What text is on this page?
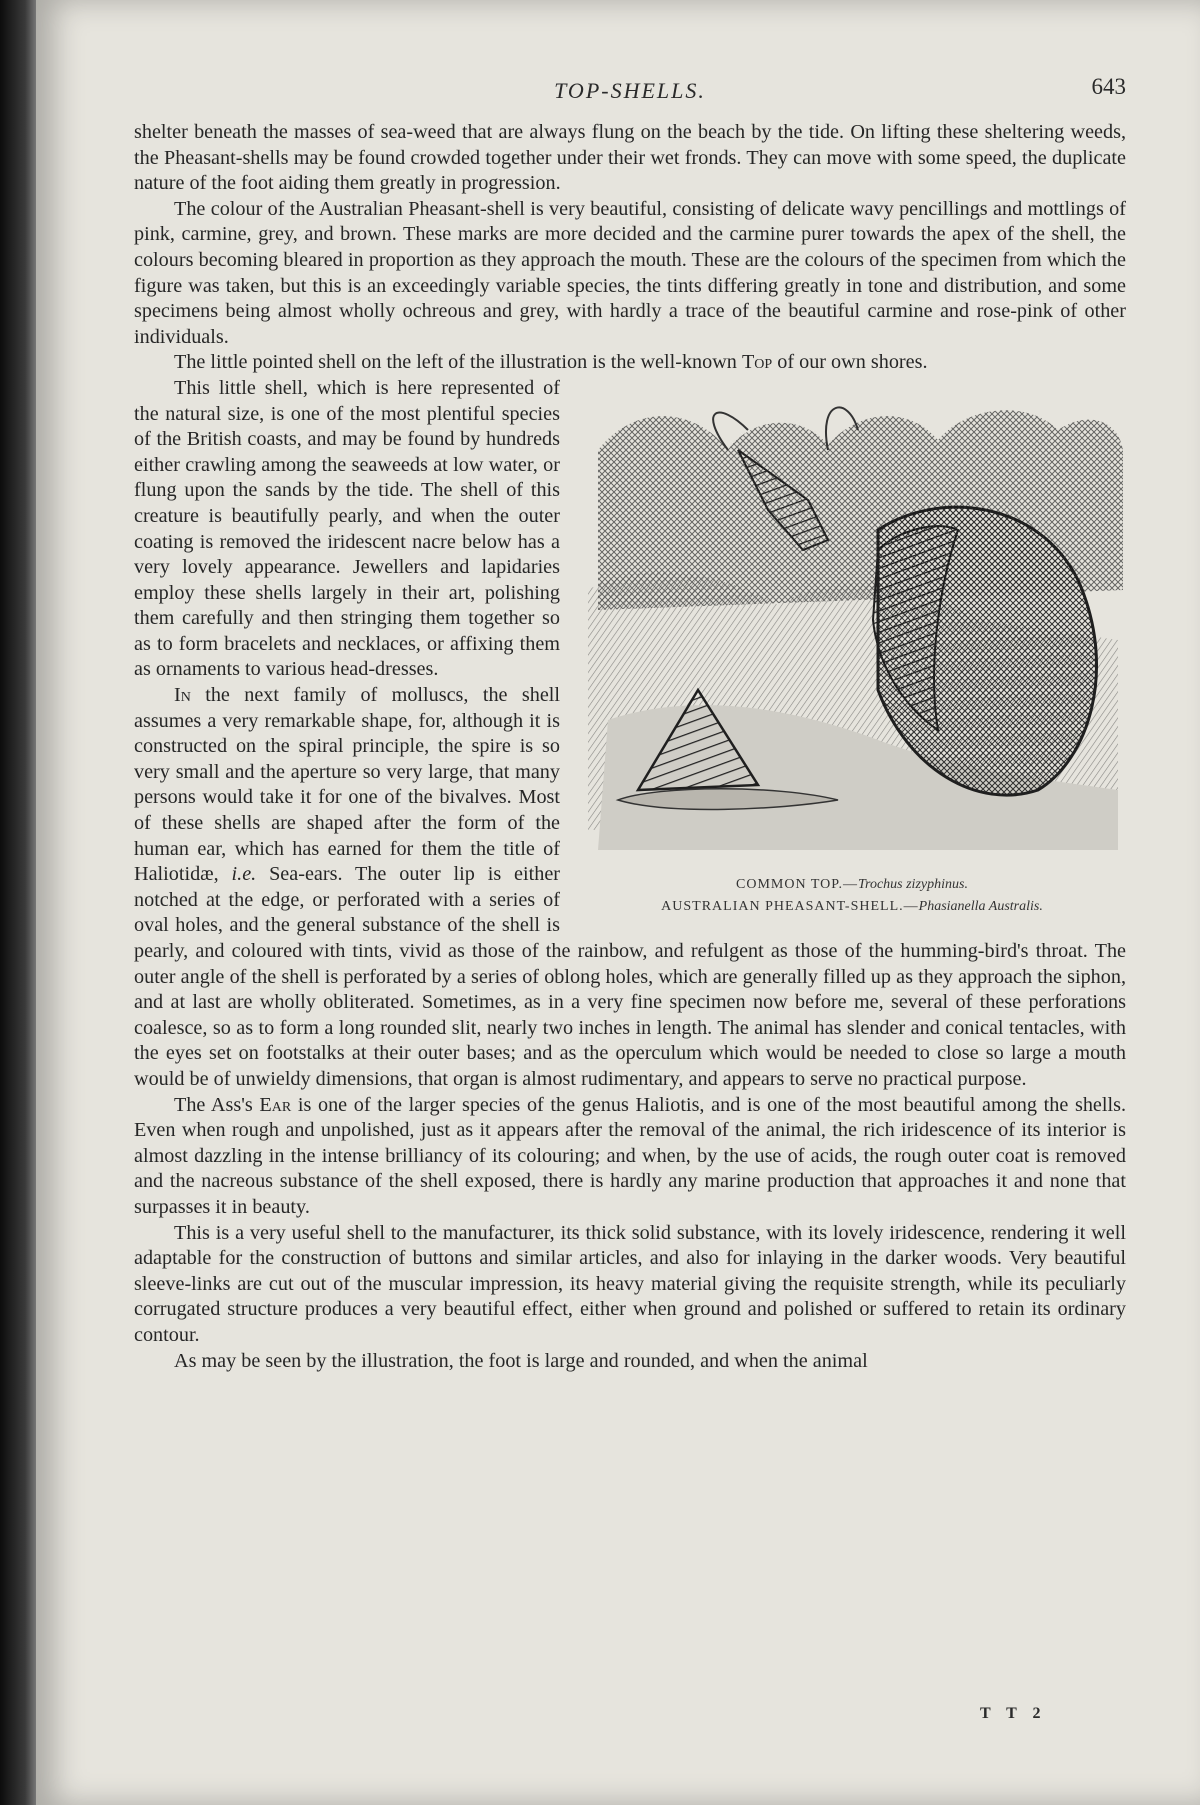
TOP-SHELLS.	643

shelter beneath the masses of sea-weed that are always flung on the beach by the tide. On lifting these sheltering weeds, the Pheasant-shells may be found crowded together under their wet fronds. They can move with some speed, the duplicate nature of the foot aiding them greatly in progression.

The colour of the Australian Pheasant-shell is very beautiful, consisting of delicate wavy pencillings and mottlings of pink, carmine, grey, and brown. These marks are more decided and the carmine purer towards the apex of the shell, the colours becoming bleared in proportion as they approach the mouth. These are the colours of the specimen from which the figure was taken, but this is an exceedingly variable species, the tints differing greatly in tone and distribution, and some specimens being almost wholly ochreous and grey, with hardly a trace of the beautiful carmine and rose-pink of other individuals.

The little pointed shell on the left of the illustration is the well-known Top of our own shores.

COMMON TOP.—Trochus zizyphinus.
AUSTRALIAN PHEASANT-SHELL.—Phasianella Australis.

This little shell, which is here represented of the natural size, is one of the most plentiful species of the British coasts, and may be found by hundreds either crawling among the seaweeds at low water, or flung upon the sands by the tide. The shell of this creature is beautifully pearly, and when the outer coating is removed the iridescent nacre below has a very lovely appearance. Jewellers and lapidaries employ these shells largely in their art, polishing them carefully and then stringing them together so as to form bracelets and necklaces, or affixing them as ornaments to various head-dresses.

In the next family of molluscs, the shell assumes a very remarkable shape, for, although it is constructed on the spiral principle, the spire is so very small and the aperture so very large, that many persons would take it for one of the bivalves. Most of these shells are shaped after the form of the human ear, which has earned for them the title of Haliotidæ, i.e. Sea-ears. The outer lip is either notched at the edge, or perforated with a series of oval holes, and the general substance of the shell is pearly, and coloured with tints, vivid as those of the rainbow, and refulgent as those of the humming-bird's throat. The outer angle of the shell is perforated by a series of oblong holes, which are generally filled up as they approach the siphon, and at last are wholly obliterated. Sometimes, as in a very fine specimen now before me, several of these perforations coalesce, so as to form a long rounded slit, nearly two inches in length. The animal has slender and conical tentacles, with the eyes set on footstalks at their outer bases; and as the operculum which would be needed to close so large a mouth would be of unwieldy dimensions, that organ is almost rudimentary, and appears to serve no practical purpose.

The Ass's Ear is one of the larger species of the genus Haliotis, and is one of the most beautiful among the shells. Even when rough and unpolished, just as it appears after the removal of the animal, the rich iridescence of its interior is almost dazzling in the intense brilliancy of its colouring; and when, by the use of acids, the rough outer coat is removed and the nacreous substance of the shell exposed, there is hardly any marine production that approaches it and none that surpasses it in beauty.

This is a very useful shell to the manufacturer, its thick solid substance, with its lovely iridescence, rendering it well adaptable for the construction of buttons and similar articles, and also for inlaying in the darker woods. Very beautiful sleeve-links are cut out of the muscular impression, its heavy material giving the requisite strength, while its peculiarly corrugated structure produces a very beautiful effect, either when ground and polished or suffered to retain its ordinary contour.

As may be seen by the illustration, the foot is large and rounded, and when the animal

T T 2
